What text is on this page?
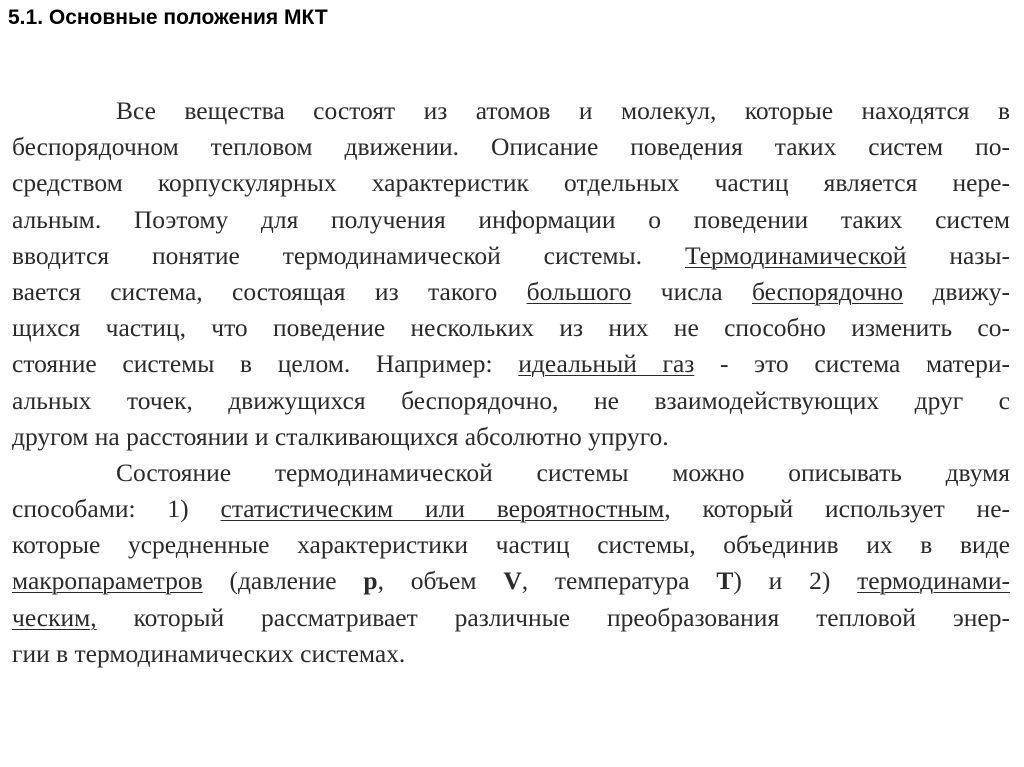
5.1. Основные положения МКТ
Все вещества состоят из атомов и молекул, которые находятся в
беспорядочном тепловом движении. Описание поведения таких систем по-
средством корпускулярных характеристик отдельных частиц является нере-
альным. Поэтому для получения информации о поведении таких систем
вводится понятие термодинамической системы. Термодинамической назы-
вается система, состоящая из такого большого числа беспорядочно движу-
щихся частиц, что поведение нескольких из них не способно изменить со-
стояние системы в целом. Например: идеальный газ - это система матери-
альных точек, движущихся беспорядочно, не взаимодействующих друг с
другом на расстоянии и сталкивающихся абсолютно упруго.
Состояние термодинамической системы можно описывать двумя
способами: 1) статистическим или вероятностным, который использует не-
которые усредненные характеристики частиц системы, объединив их в виде
макропараметров (давление p, объем V, температура T) и 2) термодинами-
ческим, который рассматривает различные преобразования тепловой энер-
гии в термодинамических системах.
